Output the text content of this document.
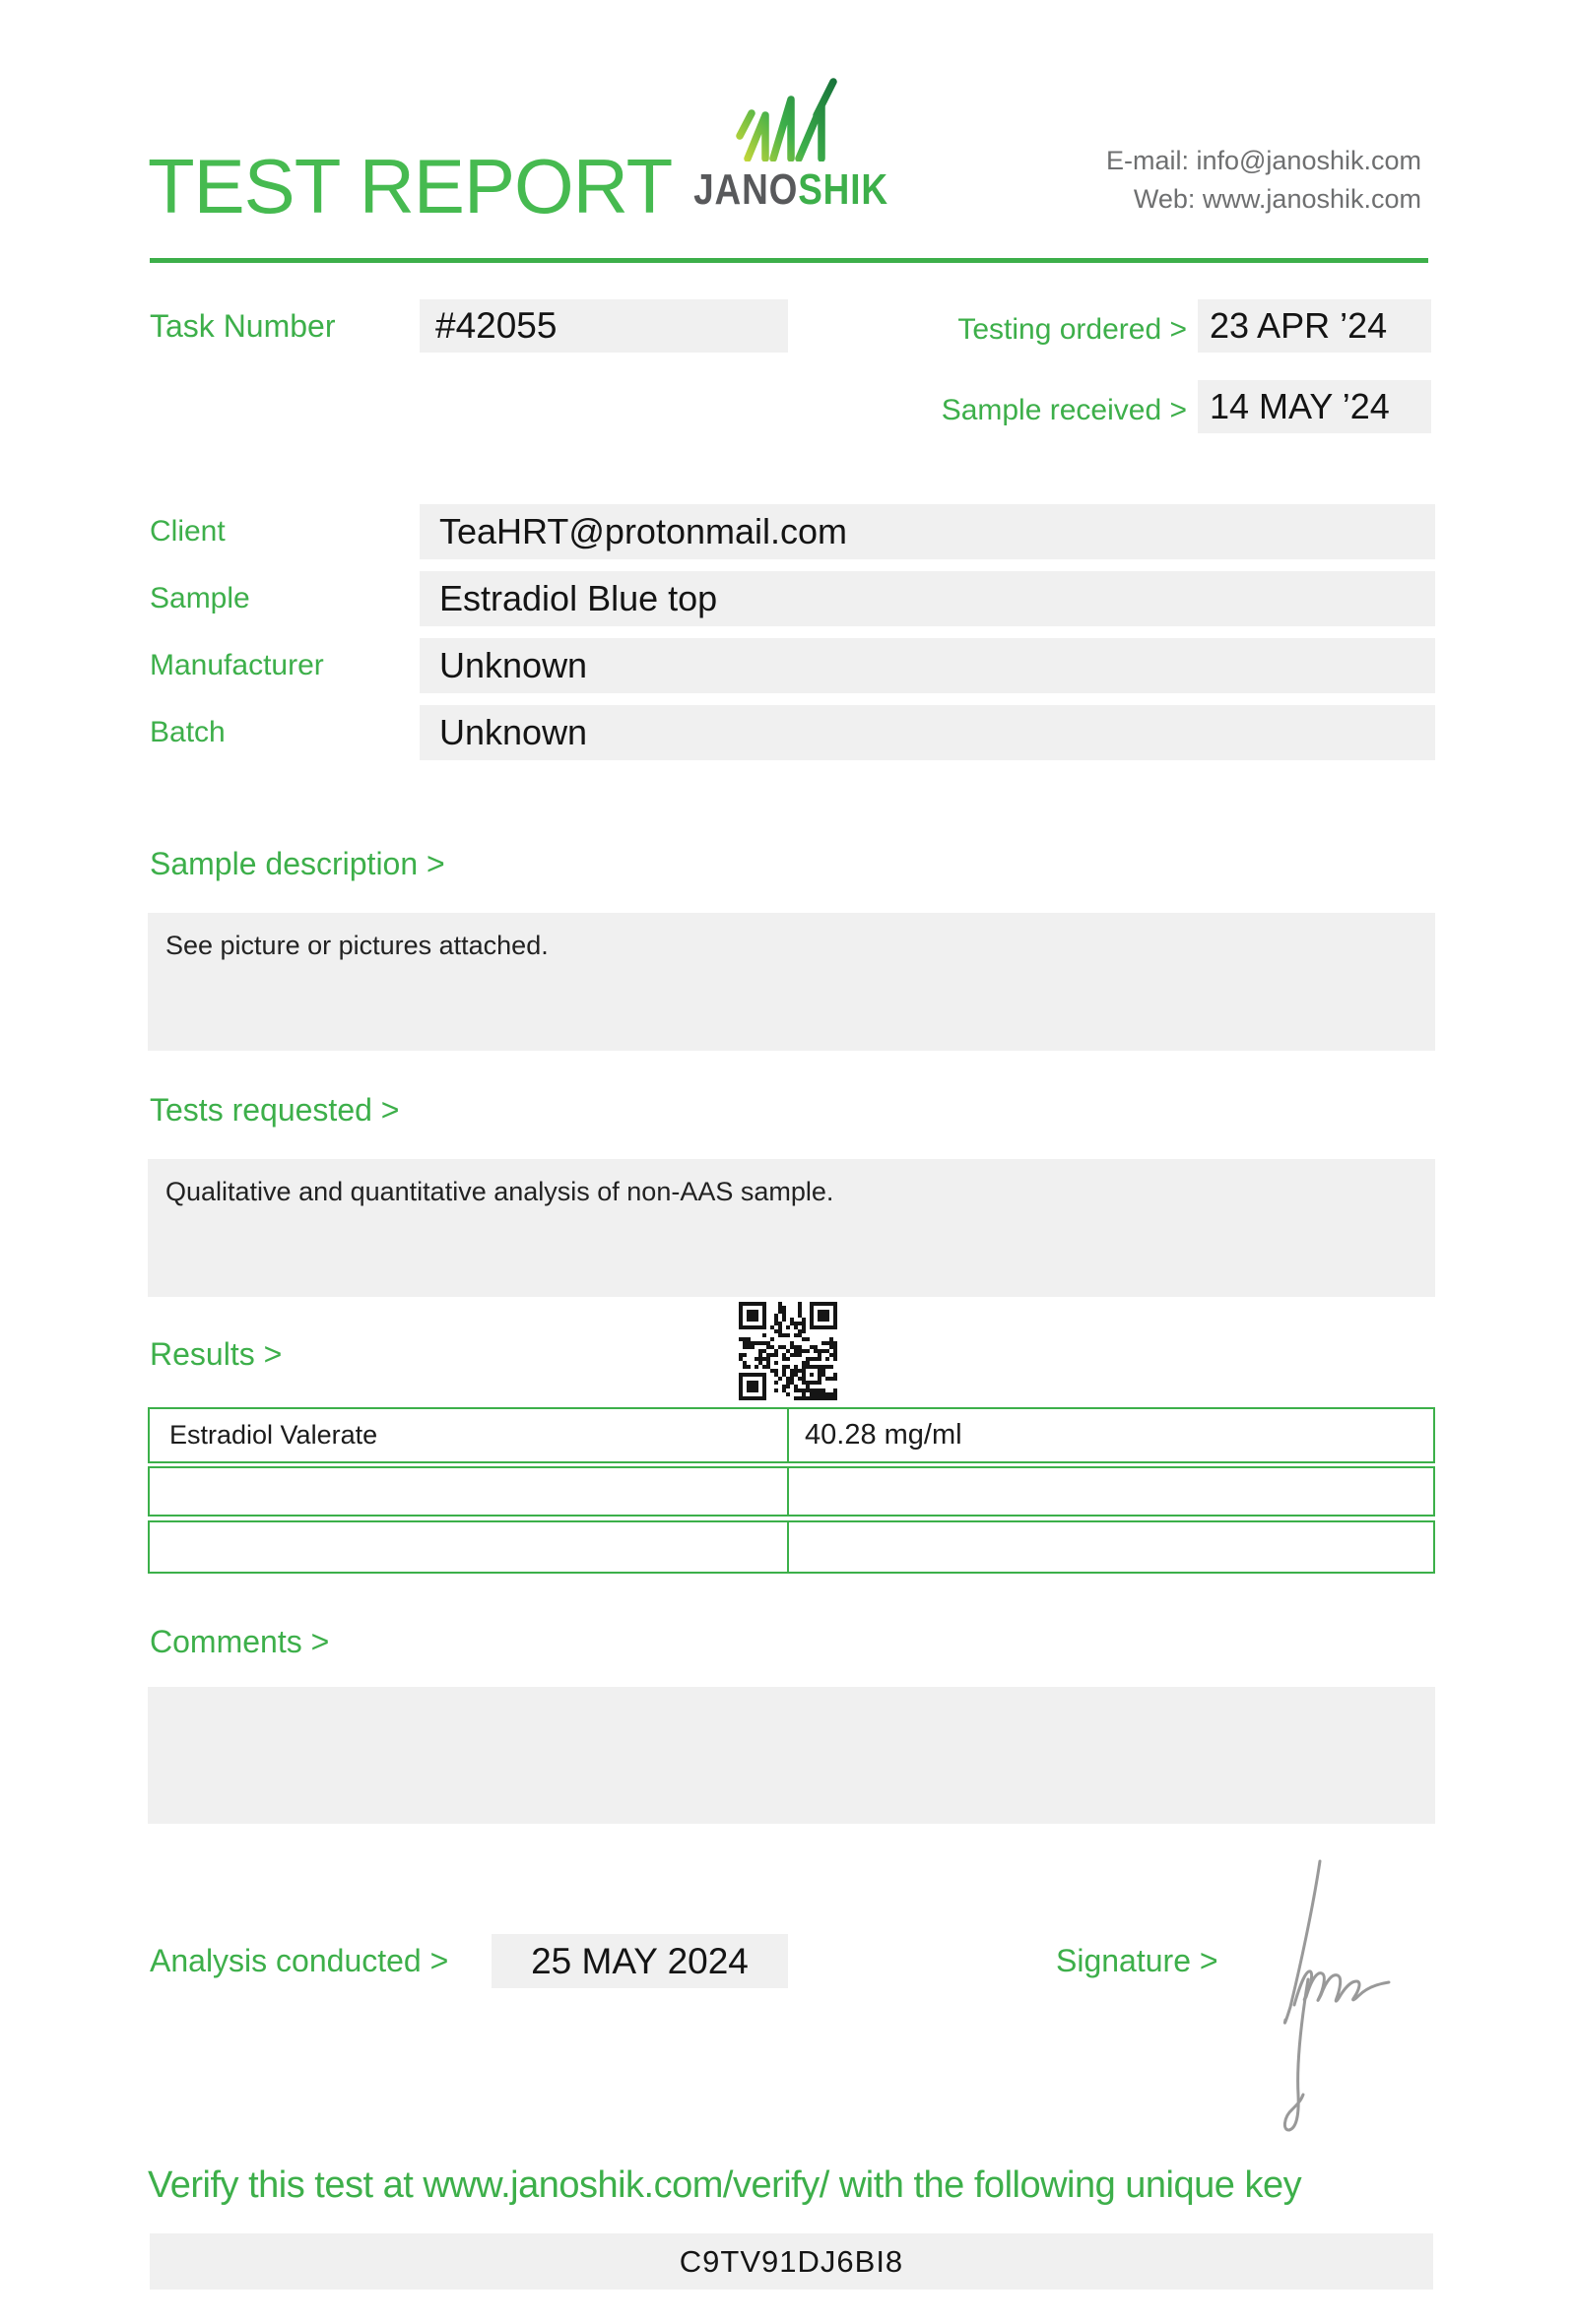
TEST REPORT JANOSHIK
E-mail: info@janoshik.com
Web: www.janoshik.com
Task Number	#42055	Testing ordered > 23 APR ’24
Sample received > 14 MAY ’24
Client	TeaHRT@protonmail.com
Sample	Estradiol Blue top
Manufacturer	Unknown
Batch	Unknown
Sample description >
See picture or pictures attached.
Tests requested >
Qualitative and quantitative analysis of non-AAS sample.
Results >
Estradiol Valerate	40.28 mg/ml
Comments >
Analysis conducted >	25 MAY 2024	Signature >
Verify this test at www.janoshik.com/verify/ with the following unique key
C9TV91DJ6BI8
